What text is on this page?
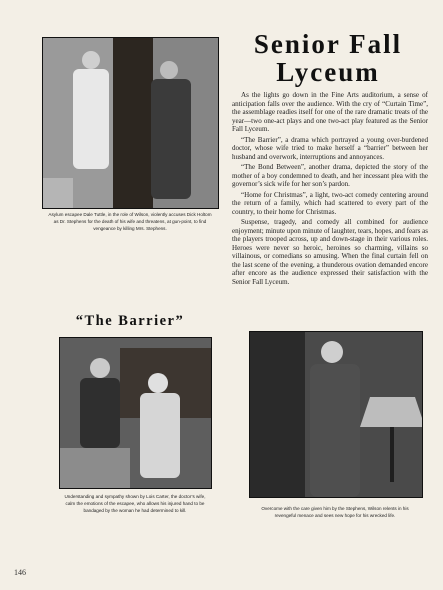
Asylum escapee Dale Tuttle, in the role of Wilson, violently accuses Dick Holtom as Dr. Stephens for the death of his wife and threatens, at gun-point, to find vengeance by killing Mrs. Stephens.
Senior Fall
Lyceum

As the lights go down in the Fine Arts auditorium, a sense of anticipation falls over the audience. With the cry of “Curtain Time”, the assemblage readies itself for one of the rare dramatic treats of the year—two one-act plays and one two-act play featured as the Senior Fall Lyceum.

“The Barrier”, a drama which portrayed a young over-burdened doctor, whose wife tried to make herself a “barrier” between her husband and overwork, interruptions and annoyances.

“The Bond Between”, another drama, depicted the story of the mother of a boy condemned to death, and her incessant plea with the governor’s sick wife for her son’s pardon.

“Home for Christmas”, a light, two-act comedy centering around the return of a family, which had scattered to every part of the country, to their home for Christmas.

Suspense, tragedy, and comedy all combined for audience enjoyment; minute upon minute of laughter, tears, hopes, and fears as the players trooped across, up and down-stage in their various roles. Heroes were never so heroic, heroines so charming, villains so villainous, or comedians so amusing. When the final curtain fell on the last scene of the evening, a thunderous ovation demanded encore after encore as the audience expressed their satisfaction with the Senior Fall Lyceum.

“The Barrier”
Understanding and sympathy shown by Lois Carter, the doctor’s wife, calm the emotions of the escapee, who allows his injured hand to be bandaged by the woman he had determined to kill.	Overcome with the care given him by the Stephens, Wilson relents in his revengeful menace and sees new hope for his wrecked life.
146
